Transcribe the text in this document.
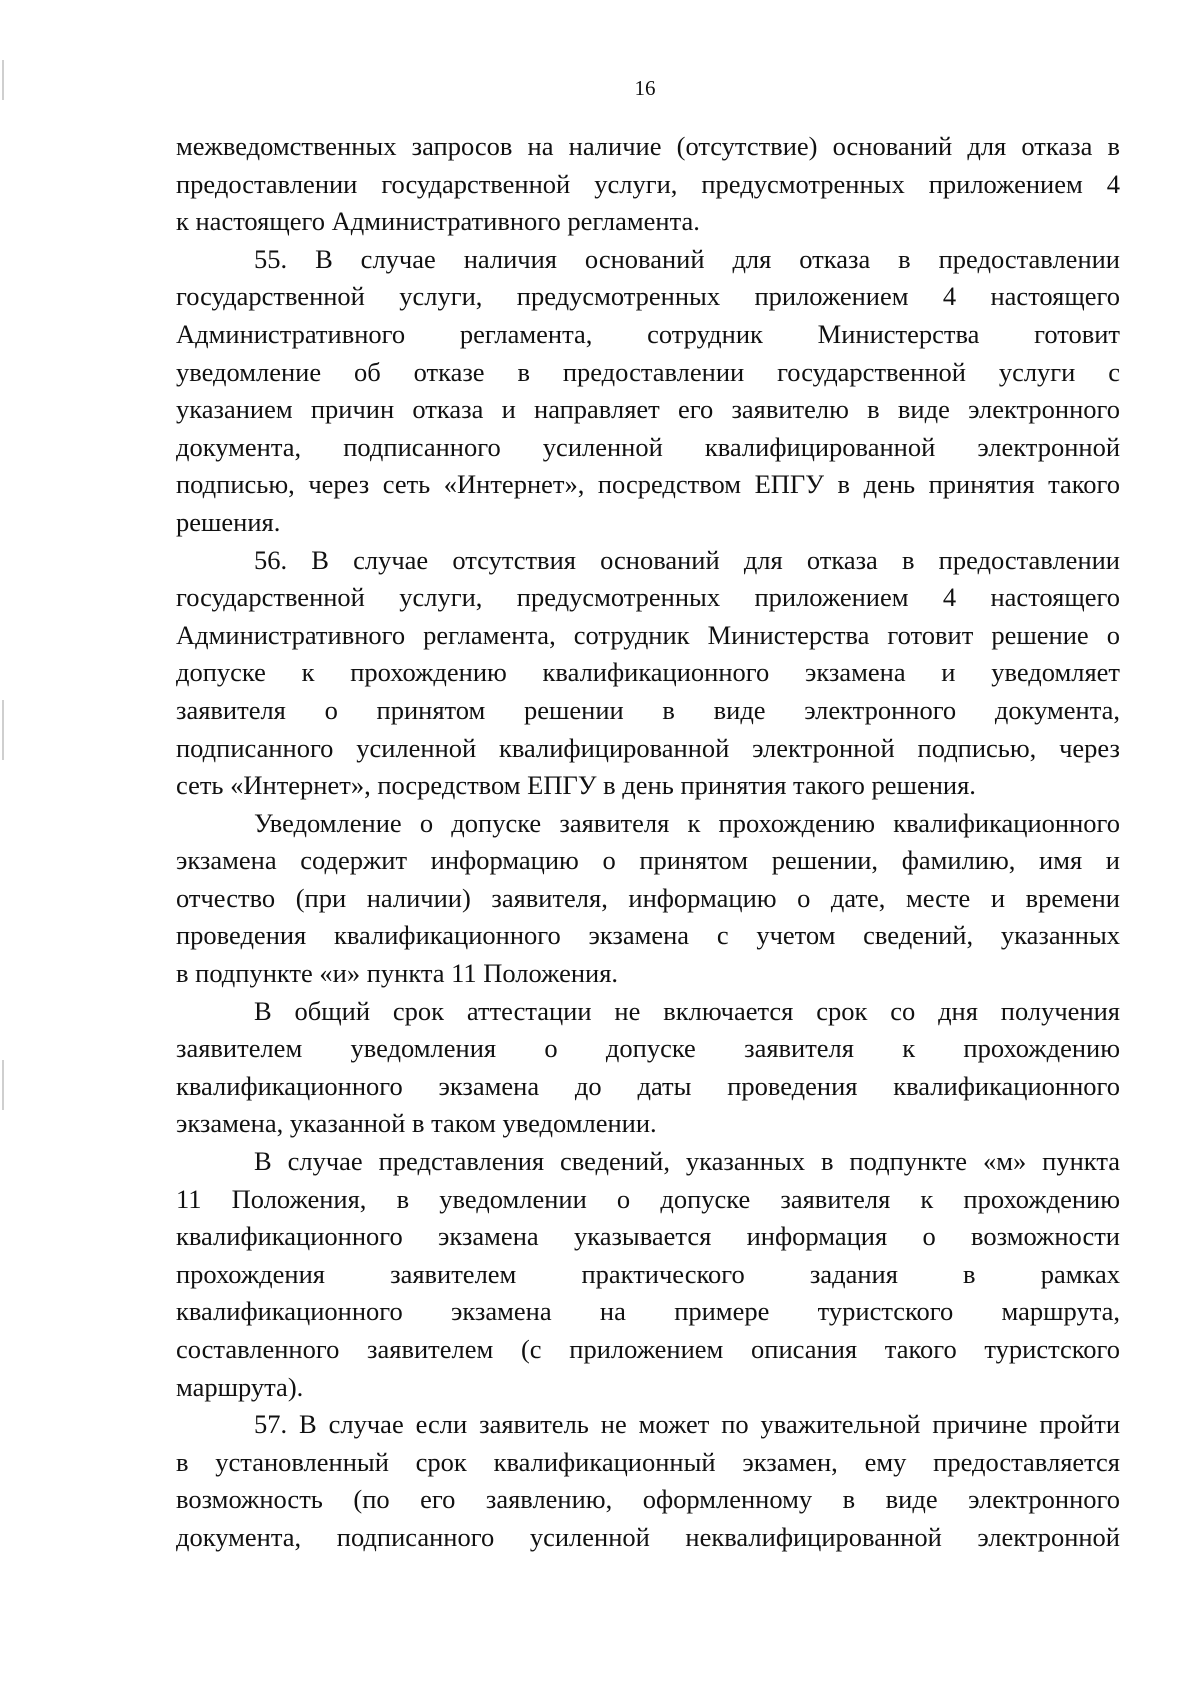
16
межведомственных запросов на наличие (отсутствие) оснований для отказа в
предоставлении государственной услуги, предусмотренных приложением 4
к настоящего Административного регламента.
55. В случае наличия оснований для отказа в предоставлении
государственной услуги, предусмотренных приложением 4 настоящего
Административного регламента, сотрудник Министерства готовит
уведомление об отказе в предоставлении государственной услуги с
указанием причин отказа и направляет его заявителю в виде электронного
документа, подписанного усиленной квалифицированной электронной
подписью, через сеть «Интернет», посредством ЕПГУ в день принятия такого
решения.
56. В случае отсутствия оснований для отказа в предоставлении
государственной услуги, предусмотренных приложением 4 настоящего
Административного регламента, сотрудник Министерства готовит решение о
допуске к прохождению квалификационного экзамена и уведомляет
заявителя о принятом решении в виде электронного документа,
подписанного усиленной квалифицированной электронной подписью, через
сеть «Интернет», посредством ЕПГУ в день принятия такого решения.
Уведомление о допуске заявителя к прохождению квалификационного
экзамена содержит информацию о принятом решении, фамилию, имя и
отчество (при наличии) заявителя, информацию о дате, месте и времени
проведения квалификационного экзамена с учетом сведений, указанных
в подпункте «и» пункта 11 Положения.
В общий срок аттестации не включается срок со дня получения
заявителем уведомления о допуске заявителя к прохождению
квалификационного экзамена до даты проведения квалификационного
экзамена, указанной в таком уведомлении.
В случае представления сведений, указанных в подпункте «м» пункта
11 Положения, в уведомлении о допуске заявителя к прохождению
квалификационного экзамена указывается информация о возможности
прохождения заявителем практического задания в рамках
квалификационного экзамена на примере туристского маршрута,
составленного заявителем (с приложением описания такого туристского
маршрута).
57. В случае если заявитель не может по уважительной причине пройти
в установленный срок квалификационный экзамен, ему предоставляется
возможность (по его заявлению, оформленному в виде электронного
документа, подписанного усиленной неквалифицированной электронной
